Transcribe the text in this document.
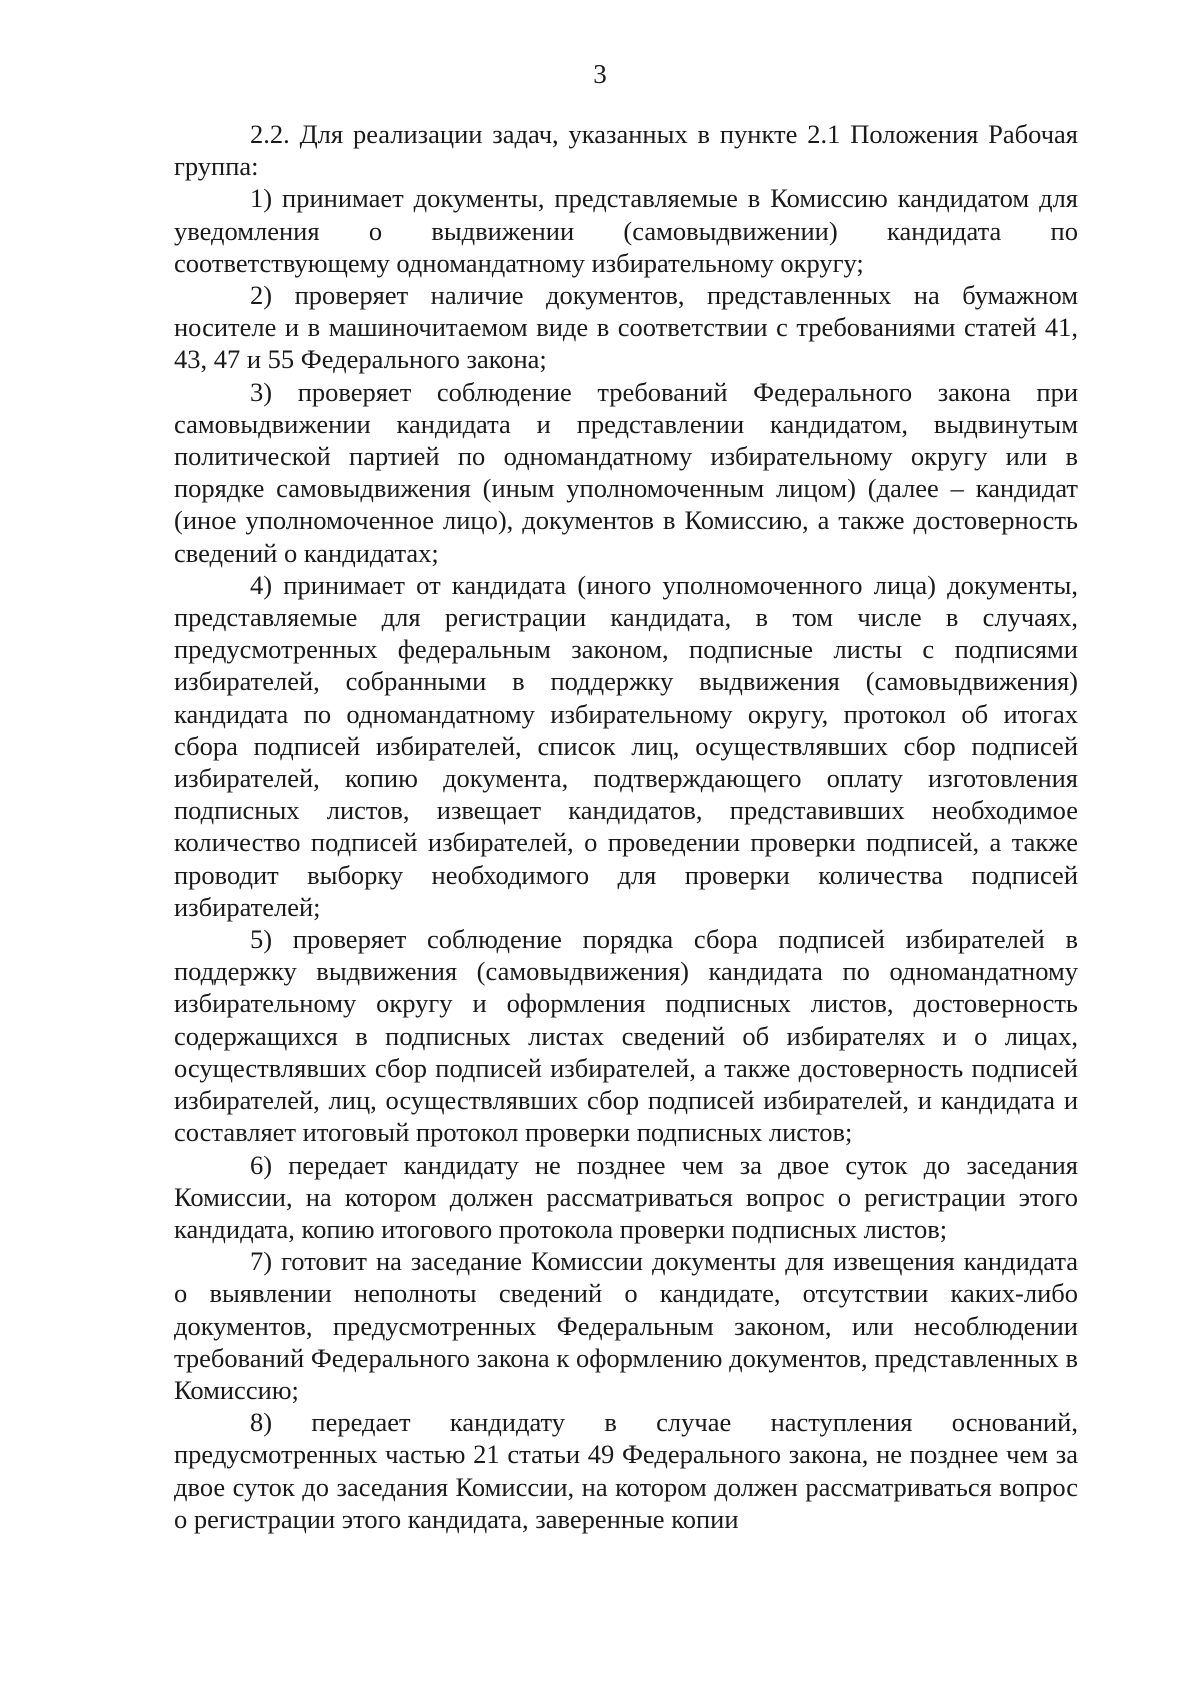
3

2.2. Для реализации задач, указанных в пункте 2.1 Положения Рабочая группа:

1) принимает документы, представляемые в Комиссию кандидатом для уведомления о выдвижении (самовыдвижении) кандидата по соответствующему одномандатному избирательному округу;

2) проверяет наличие документов, представленных на бумажном носителе и в машиночитаемом виде в соответствии с требованиями статей 41, 43, 47 и 55 Федерального закона;

3) проверяет соблюдение требований Федерального закона при самовыдвижении кандидата и представлении кандидатом, выдвинутым политической партией по одномандатному избирательному округу или в порядке самовыдвижения (иным уполномоченным лицом) (далее – кандидат (иное уполномоченное лицо), документов в Комиссию, а также достоверность сведений о кандидатах;

4) принимает от кандидата (иного уполномоченного лица) документы, представляемые для регистрации кандидата, в том числе в случаях, предусмотренных федеральным законом, подписные листы с подписями избирателей, собранными в поддержку выдвижения (самовыдвижения) кандидата по одномандатному избирательному округу, протокол об итогах сбора подписей избирателей, список лиц, осуществлявших сбор подписей избирателей, копию документа, подтверждающего оплату изготовления подписных листов, извещает кандидатов, представивших необходимое количество подписей избирателей, о проведении проверки подписей, а также проводит выборку необходимого для проверки количества подписей избирателей;

5) проверяет соблюдение порядка сбора подписей избирателей в поддержку выдвижения (самовыдвижения) кандидата по одномандатному избирательному округу и оформления подписных листов, достоверность содержащихся в подписных листах сведений об избирателях и о лицах, осуществлявших сбор подписей избирателей, а также достоверность подписей избирателей, лиц, осуществлявших сбор подписей избирателей, и кандидата и составляет итоговый протокол проверки подписных листов;

6) передает кандидату не позднее чем за двое суток до заседания Комиссии, на котором должен рассматриваться вопрос о регистрации этого кандидата, копию итогового протокола проверки подписных листов;

7) готовит на заседание Комиссии документы для извещения кандидата о выявлении неполноты сведений о кандидате, отсутствии каких-либо документов, предусмотренных Федеральным законом, или несоблюдении требований Федерального закона к оформлению документов, представленных в Комиссию;

8) передает кандидату в случае наступления оснований, предусмотренных частью 21 статьи 49 Федерального закона, не позднее чем за двое суток до заседания Комиссии, на котором должен рассматриваться вопрос о регистрации этого кандидата, заверенные копии
